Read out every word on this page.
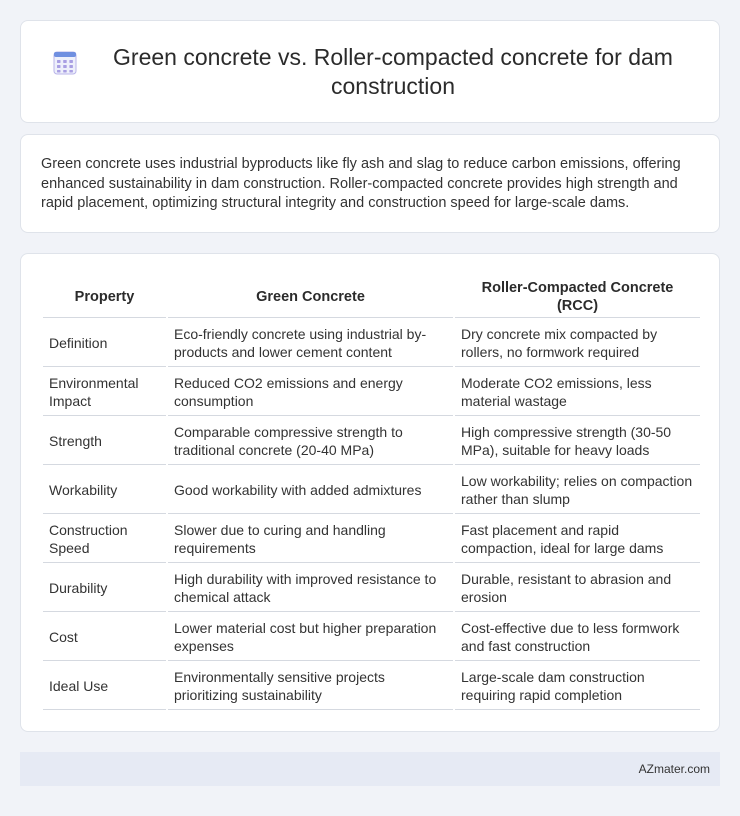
Green concrete vs. Roller-compacted concrete for dam construction

Green concrete uses industrial byproducts like fly ash and slag to reduce carbon emissions, offering enhanced sustainability in dam construction. Roller-compacted concrete provides high strength and rapid placement, optimizing structural integrity and construction speed for large-scale dams.

Property	Green Concrete	Roller-Compacted Concrete (RCC)
Definition	Eco-friendly concrete using industrial by-products and lower cement content	Dry concrete mix compacted by rollers, no formwork required
Environmental Impact	Reduced CO2 emissions and energy consumption	Moderate CO2 emissions, less material wastage
Strength	Comparable compressive strength to traditional concrete (20-40 MPa)	High compressive strength (30-50 MPa), suitable for heavy loads
Workability	Good workability with added admixtures	Low workability; relies on compaction rather than slump
Construction Speed	Slower due to curing and handling requirements	Fast placement and rapid compaction, ideal for large dams
Durability	High durability with improved resistance to chemical attack	Durable, resistant to abrasion and erosion
Cost	Lower material cost but higher preparation expenses	Cost-effective due to less formwork and fast construction
Ideal Use	Environmentally sensitive projects prioritizing sustainability	Large-scale dam construction requiring rapid completion
AZmater.com
